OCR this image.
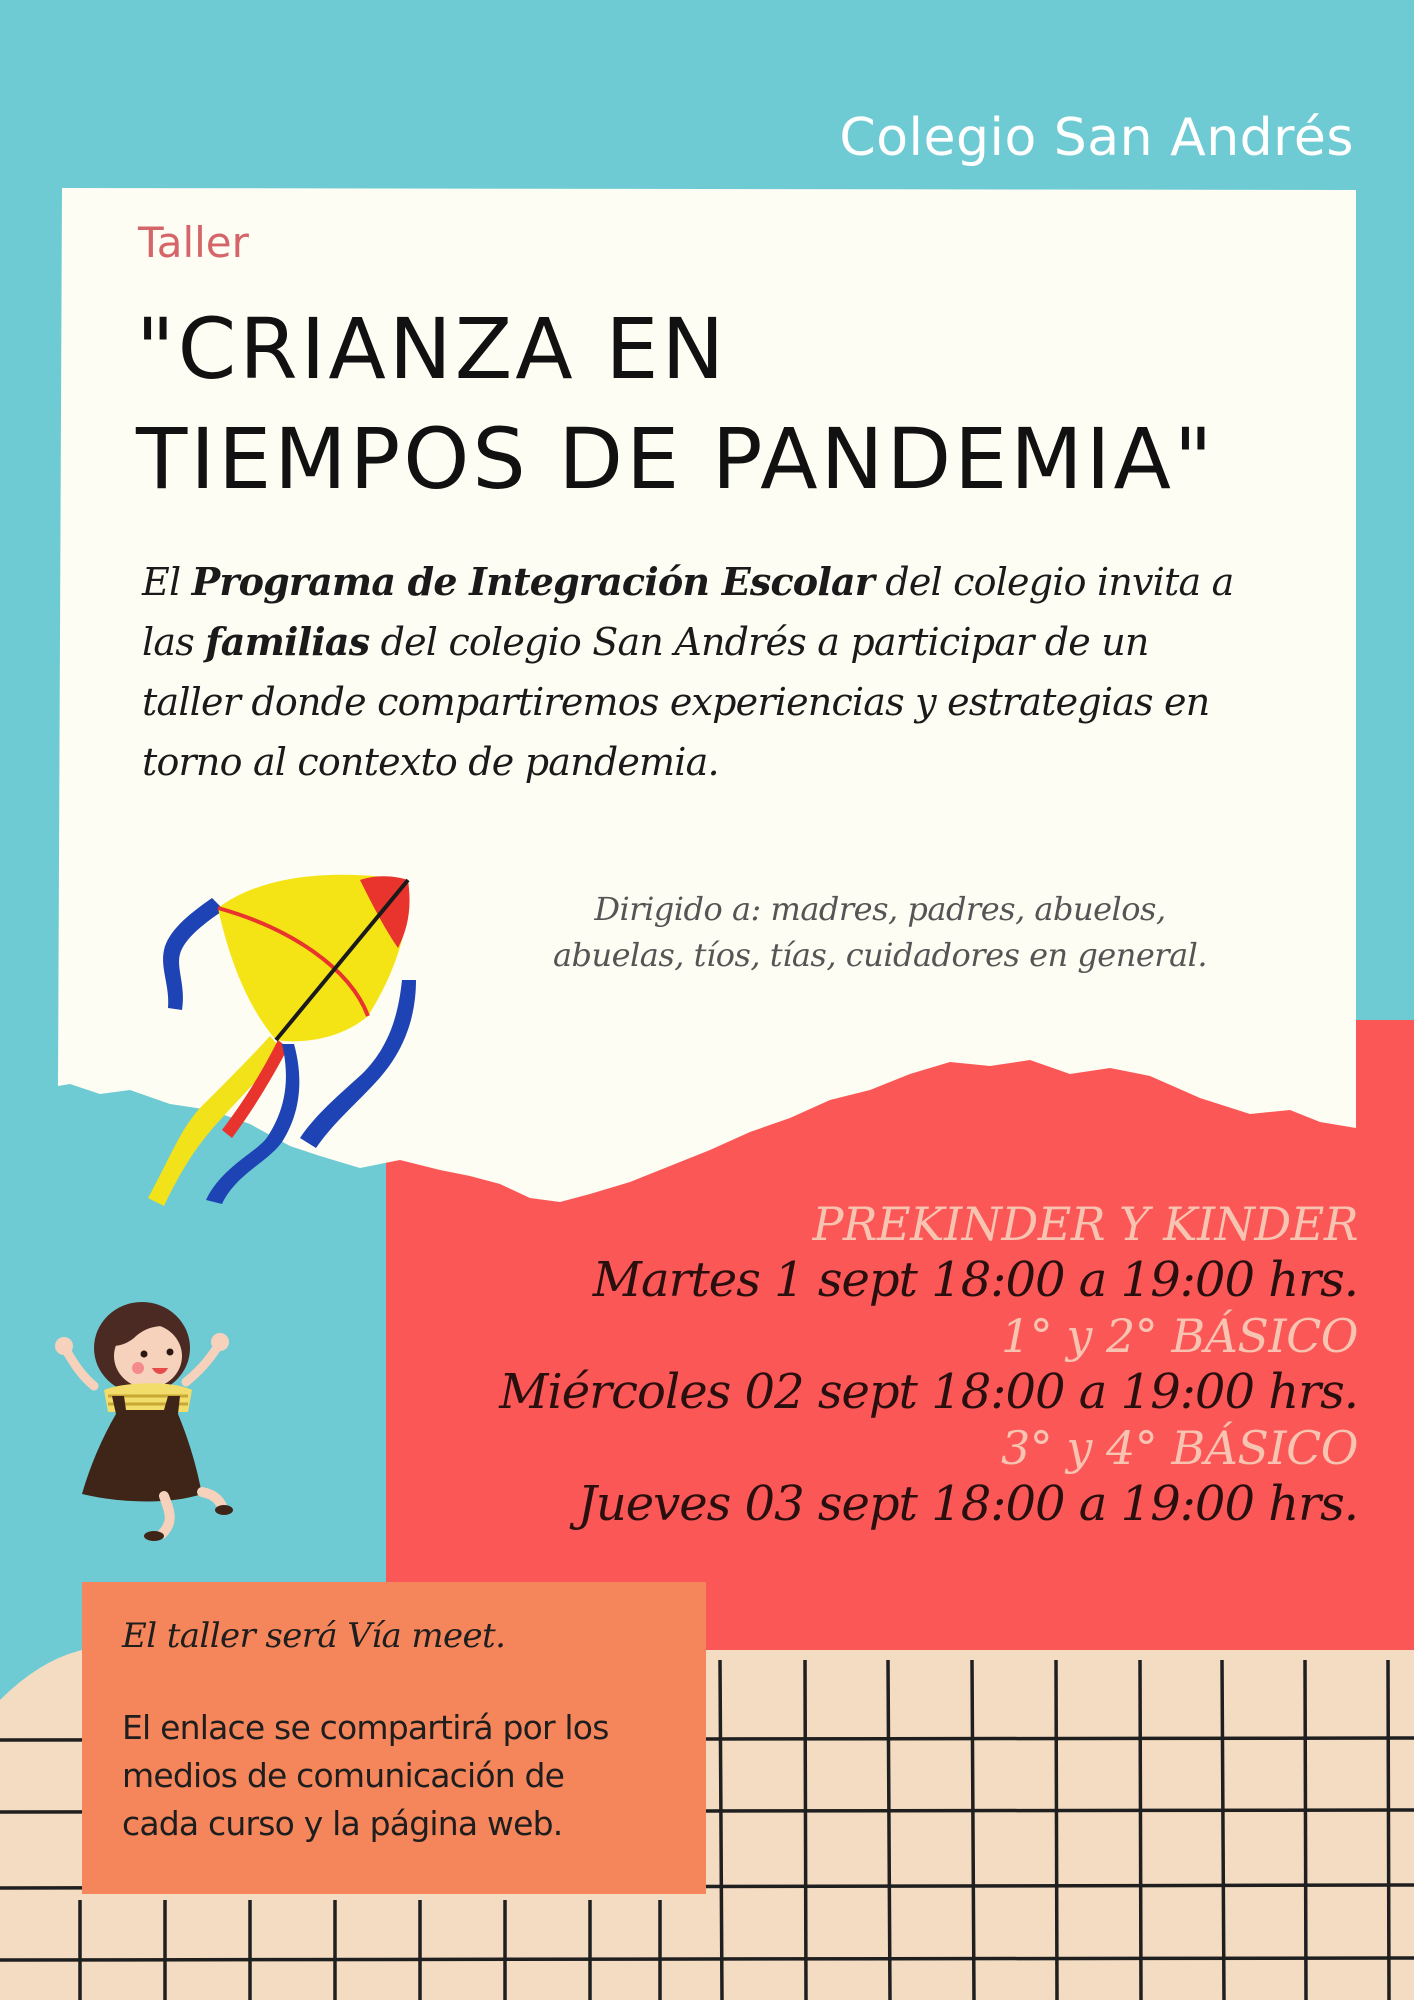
Colegio San Andrés
Taller
"CRIANZA EN
TIEMPOS DE PANDEMIA"

El Programa de Integración Escolar del colegio invita a
las familias del colegio San Andrés a participar de un
taller donde compartiremos experiencias y estrategias en
torno al contexto de pandemia.

Dirigido a: madres, padres, abuelos,
abuelas, tíos, tías, cuidadores en general.
PREKINDER Y KINDER
Martes 1 sept 18:00 a 19:00 hrs.
1° y 2° BÁSICO
Miércoles 02 sept 18:00 a 19:00 hrs.
3° y 4° BÁSICO
Jueves 03 sept 18:00 a 19:00 hrs.
El taller será Vía meet.
El enlace se compartirá por los
medios de comunicación de
cada curso y la página web.
